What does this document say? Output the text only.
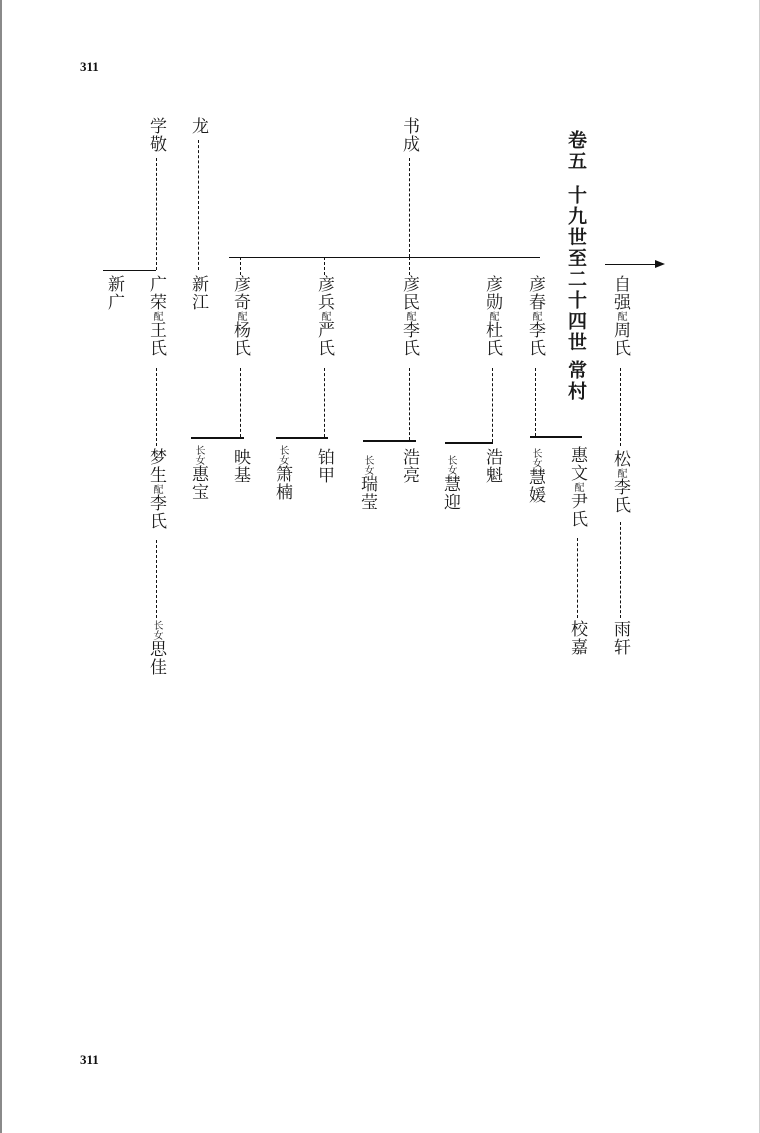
311
311
卷五
十九世至二十四世
常村
自强配周氏
松配李氏
雨轩
彦春配李氏
惠文配尹氏
校嘉
长女慧媛
彦勋配杜氏
浩魁
长女慧迎
书成
彦民配李氏
浩亮
长女瑞莹
彦兵配严氏
铂甲
长女箫楠
彦奇配杨氏
映基
长女惠宝
龙
新江
学敬
广荣配王氏
梦生配李氏
长女思佳
新广
